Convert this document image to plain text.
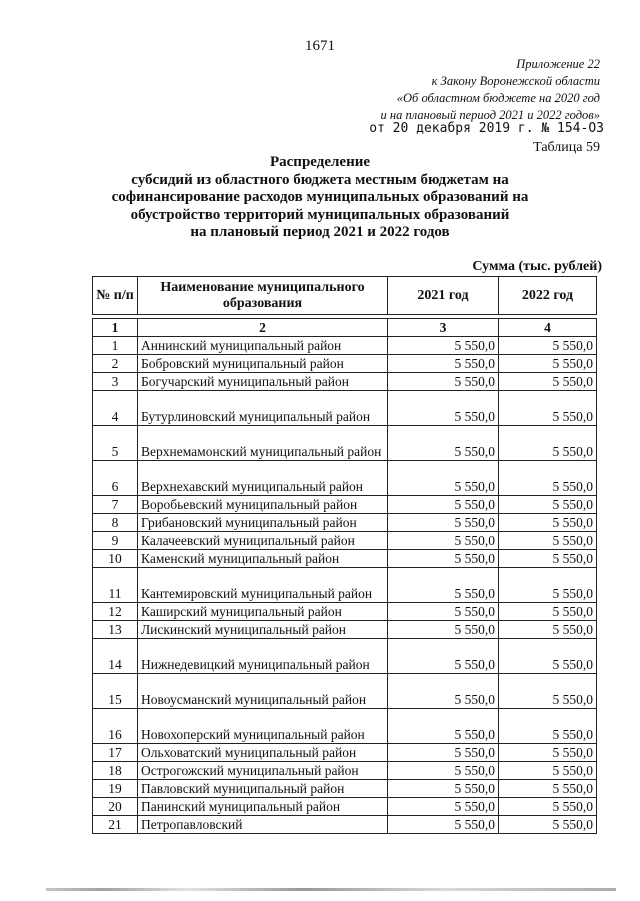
1671
Приложение 22
к Закону Воронежской области
«Об областном бюджете на 2020 год
и на плановый период 2021 и 2022 годов»
от 20 декабря 2019 г. № 154-ОЗ
Таблица 59
Распределение
субсидий из областного бюджета местным бюджетам на
софинансирование расходов муниципальных образований на
обустройство территорий муниципальных образований
на плановый период 2021 и 2022 годов
Сумма (тыс. рублей)
№ п/п	Наименование муниципального образования	2021 год	2022 год

1	2	3	4
1	Аннинский муниципальный район	5 550,0	5 550,0
2	Бобровский муниципальный район	5 550,0	5 550,0
3	Богучарский муниципальный район	5 550,0	5 550,0
4	Бутурлиновский муниципальный район	5 550,0	5 550,0
5	Верхнемамонский муниципальный район	5 550,0	5 550,0
6	Верхнехавский муниципальный район	5 550,0	5 550,0
7	Воробьевский муниципальный район	5 550,0	5 550,0
8	Грибановский муниципальный район	5 550,0	5 550,0
9	Калачеевский муниципальный район	5 550,0	5 550,0
10	Каменский муниципальный район	5 550,0	5 550,0
11	Кантемировский муниципальный район	5 550,0	5 550,0
12	Каширский муниципальный район	5 550,0	5 550,0
13	Лискинский муниципальный район	5 550,0	5 550,0
14	Нижнедевицкий муниципальный район	5 550,0	5 550,0
15	Новоусманский муниципальный район	5 550,0	5 550,0
16	Новохоперский муниципальный район	5 550,0	5 550,0
17	Ольховатский муниципальный район	5 550,0	5 550,0
18	Острогожский муниципальный район	5 550,0	5 550,0
19	Павловский муниципальный район	5 550,0	5 550,0
20	Панинский муниципальный район	5 550,0	5 550,0
21	Петропавловский	5 550,0	5 550,0
